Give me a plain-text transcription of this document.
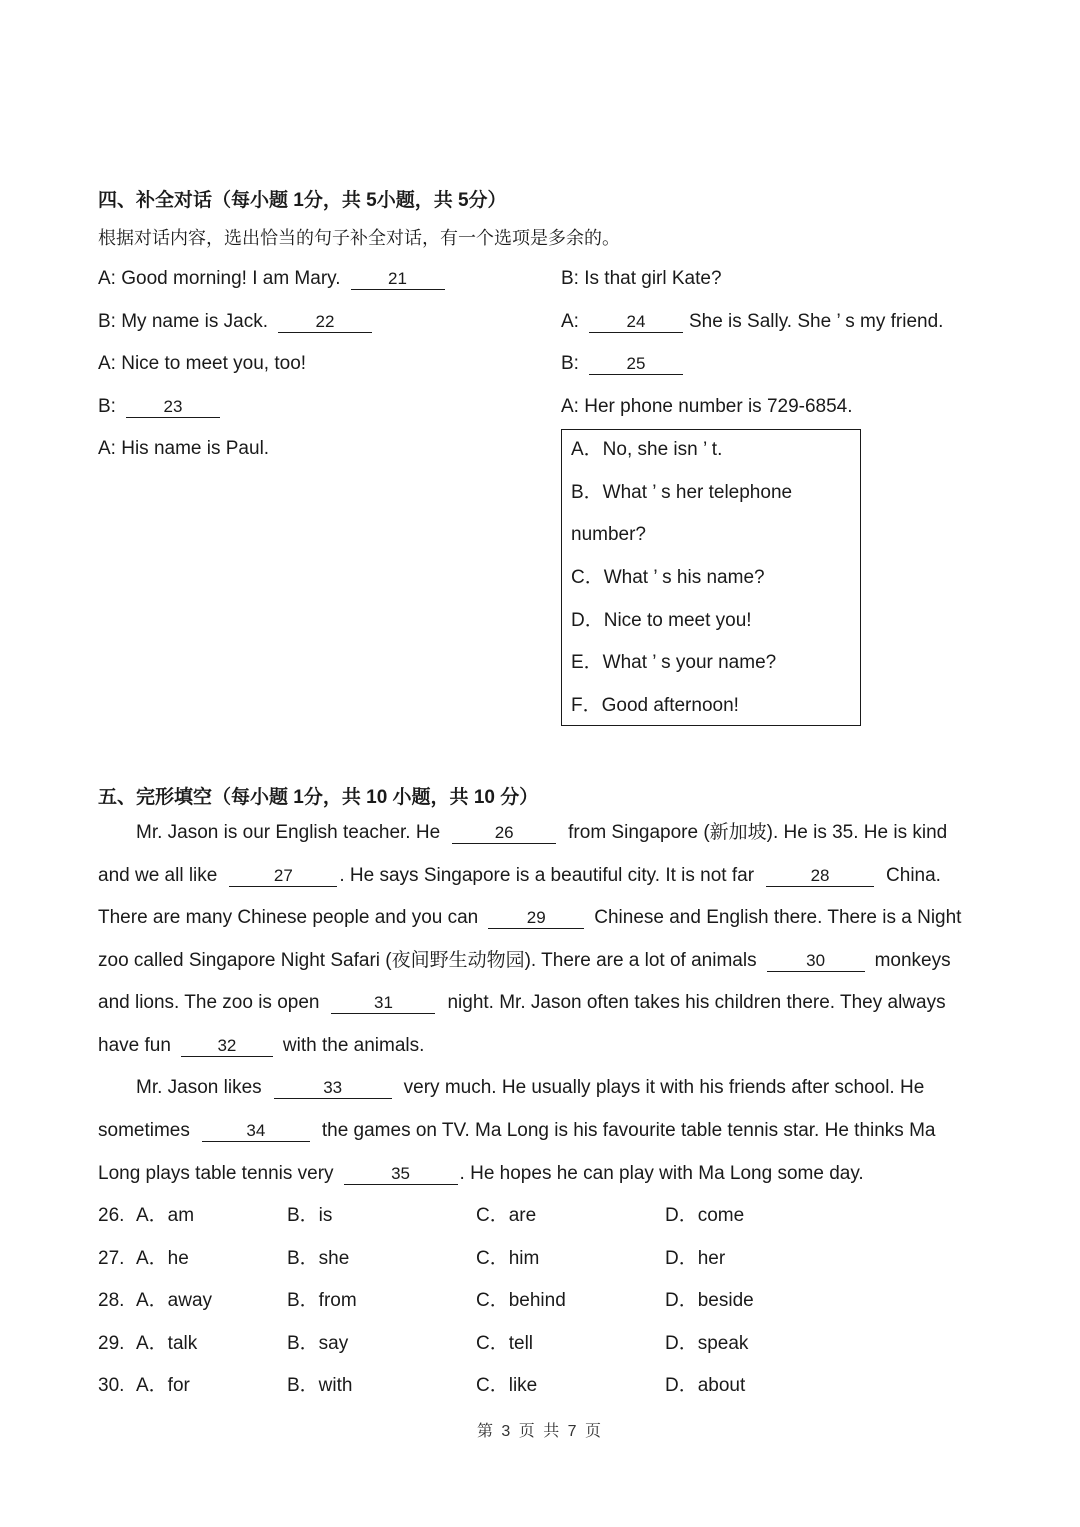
四、补全对话（每小题 1分，共 5小题，共 5分）
根据对话内容，选出恰当的句子补全对话，有一个选项是多余的。
A: Good morning! I am Mary.	21
B: My name is Jack.	22
A: Nice to meet you, too!
B:	23
A: His name is Paul.
B: Is that girl Kate?
A:	24 She is Sally. She ’ s my friend.
B:	25
A: Her phone number is 729-6854.
A．No, she isn ’ t.
B．What ’ s her telephone
number?
C．What ’ s his name?
D．Nice to meet you!
E．What ’ s your name?
F．Good afternoon!
五、完形填空（每小题 1分，共 10 小题，共 10 分）
Mr. Jason is our English teacher. He	26	from Singapore (新加坡). He is 35. He is kind
and we all like	27 . He says Singapore is a beautiful city. It is not far	28	China.
There are many Chinese people and you can	29	Chinese and English there. There is a Night
zoo called Singapore Night Safari (夜间野生动物园). There are a lot of animals	30	monkeys
and lions. The zoo is open	31	night. Mr. Jason often takes his children there. They always
have fun	32 with the animals.
Mr. Jason likes	33	very much. He usually plays it with his friends after school. He
sometimes	34	the games on TV. Ma Long is his favourite table tennis star. He thinks Ma
Long plays table tennis very	35	. He hopes he can play with Ma Long some day.
26. A．am	B．is	C．are	D．come
27. A．he	B．she	C．him	D．her
28. A．away	B．from	C．behind	D．beside
29. A．talk	B．say	C．tell	D．speak
30. A．for	B．with	C．like	D．about
第 3 页 共 7 页
